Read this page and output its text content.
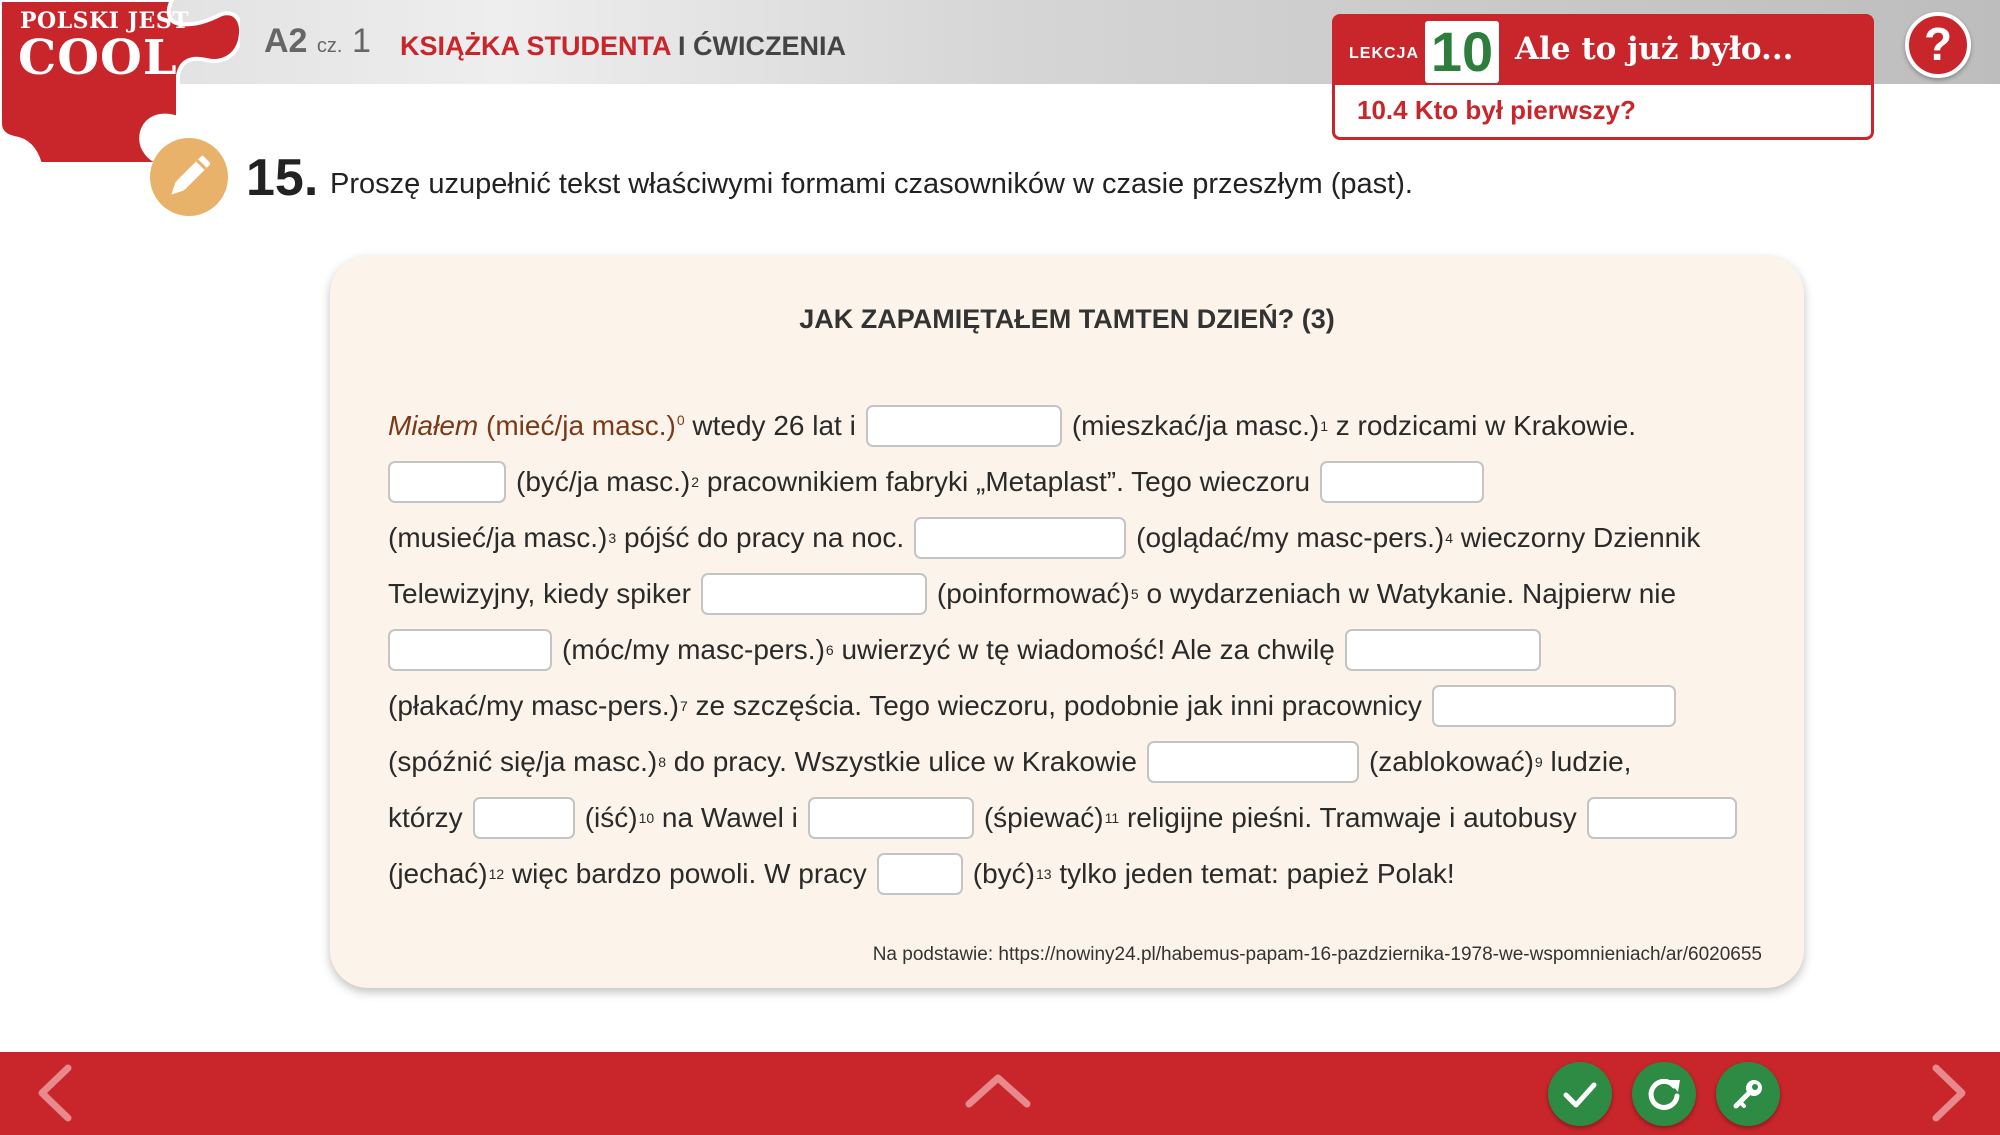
POLSKI JEST
COOL	A2 cz. 1 KSIĄŻKA STUDENTA I ĆWICZENIA	LEKCJA 10 Ale to już było...
10.4 Kto był pierwszy?
?
15. Proszę uzupełnić tekst właściwymi formami czasowników w czasie przeszłym (past).
JAK ZAPAMIĘTAŁEM TAMTEN DZIEŃ? (3)
Miałem (mieć/ja masc.)$^0$ wtedy 26 lat i	(mieszkać/ja masc.) 1 z rodzicami w Krakowie.
(być/ja masc.) 2 pracownikiem fabryki „Metaplast”. Tego wieczoru
(musieć/ja masc.) 3 pójść do pracy na noc.	(oglądać/my masc-pers.) 4 wieczorny Dziennik
Telewizyjny, kiedy spiker	(poinformować) 5 o wydarzeniach w Watykanie. Najpierw nie
(móc/my masc-pers.) 6 uwierzyć w tę wiadomość! Ale za chwilę
(płakać/my masc-pers.) 7 ze szczęścia. Tego wieczoru, podobnie jak inni pracownicy
(spóźnić się/ja masc.) 8 do pracy. Wszystkie ulice w Krakowie	(zablokować) 9 ludzie,
którzy	(iść) 10 na Wawel i	(śpiewać) 11 religijne pieśni. Tramwaje i autobusy
(jechać) 12 więc bardzo powoli. W pracy	(być) 13 tylko jeden temat: papież Polak!
Na podstawie: https://nowiny24.pl/habemus-papam-16-pazdziernika-1978-we-wspomnieniach/ar/6020655
